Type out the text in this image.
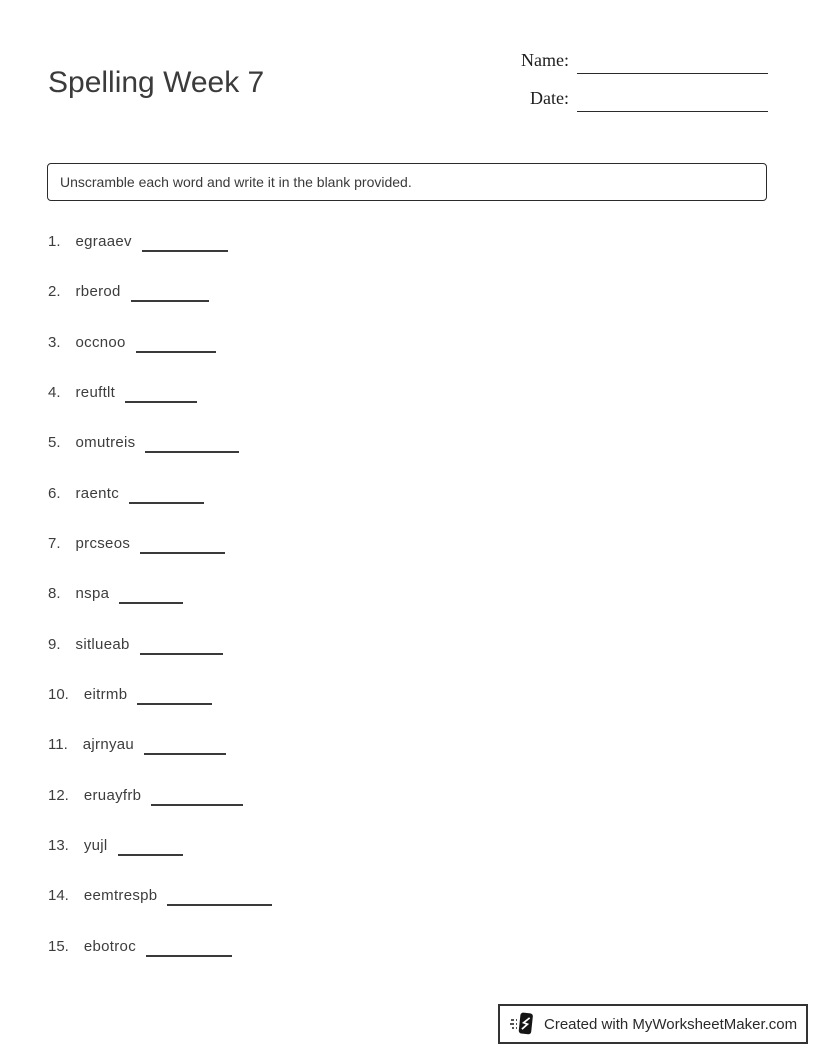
Spelling Week 7
Name:
Date:
Unscramble each word and write it in the blank provided.
1. egraaev
2. rberod
3. occnoo
4. reuftlt
5. omutreis
6. raentc
7. prcseos
8. nspa
9. sitlueab
10. eitrmb
11. ajrnyau
12. eruayfrb
13. yujl
14. eemtrespb
15. ebotroc
Created with MyWorksheetMaker.com
